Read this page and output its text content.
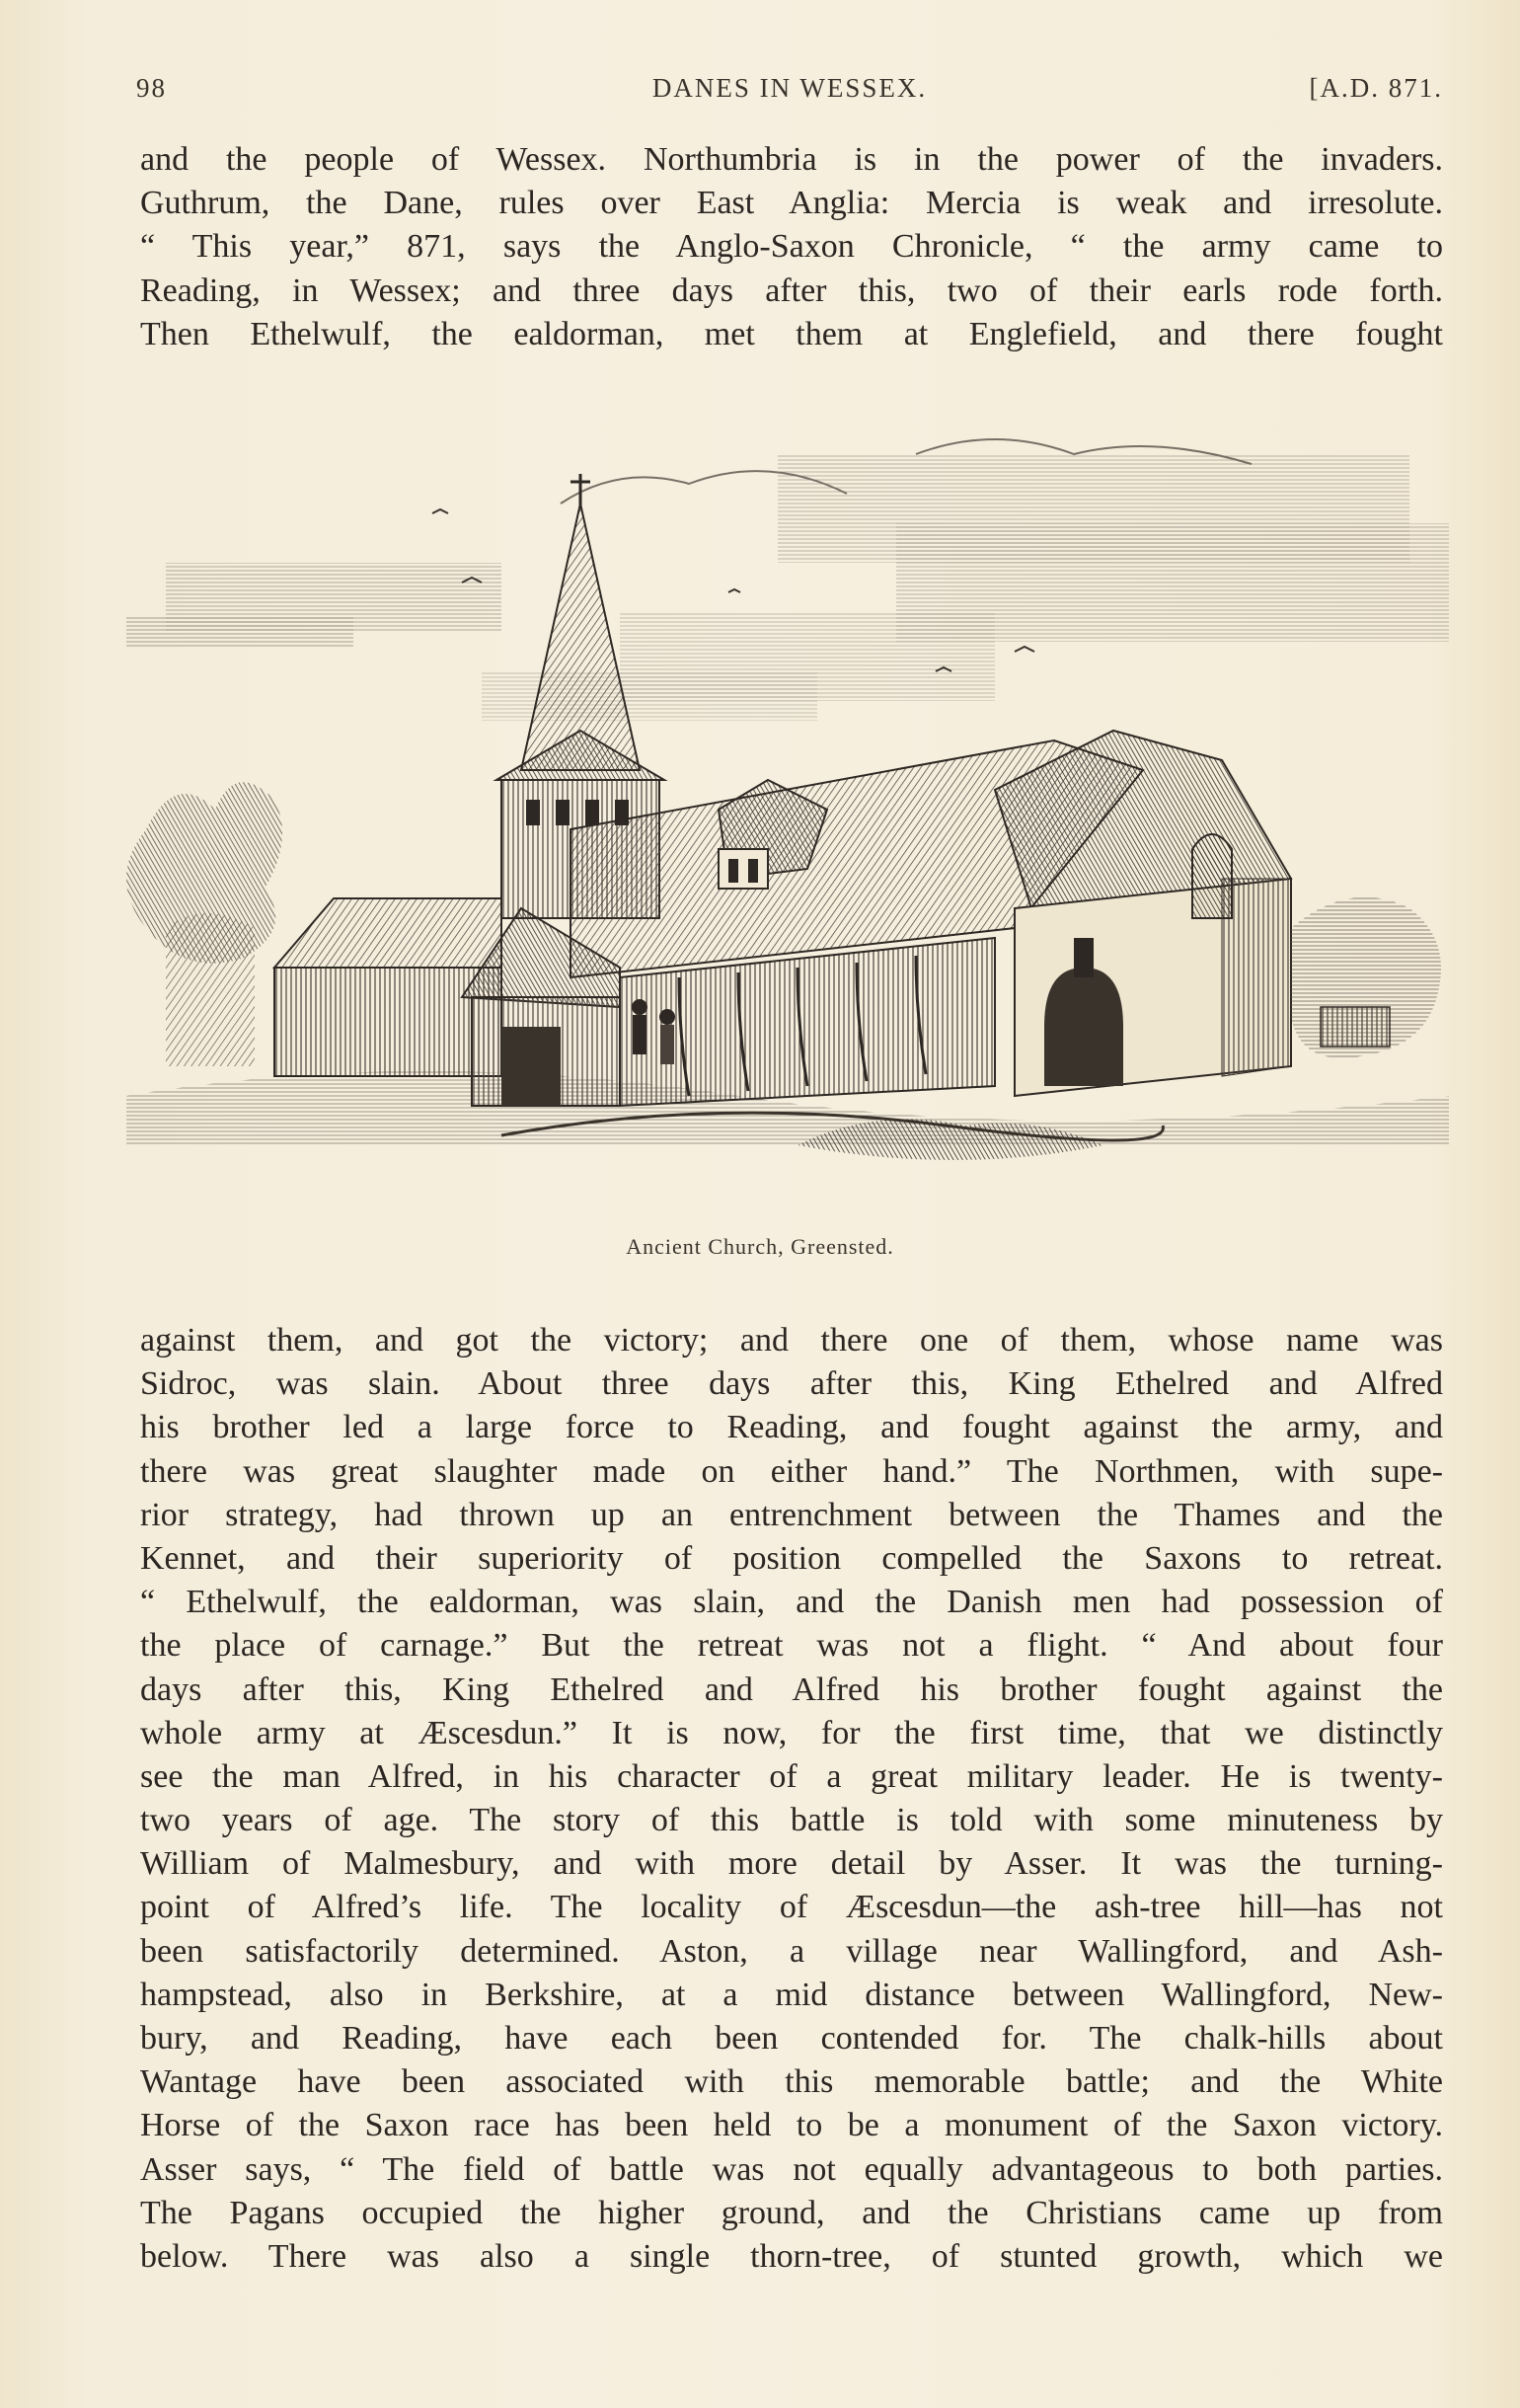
98	DANES IN WESSEX.	[A.D. 871.
and the people of Wessex. Northumbria is in the power of the invaders.
Guthrum, the Dane, rules over East Anglia: Mercia is weak and irresolute.
“ This year,” 871, says the Anglo-Saxon Chronicle, “ the army came to
Reading, in Wessex; and three days after this, two of their earls rode forth.
Then Ethelwulf, the ealdorman, met them at Englefield, and there fought
Ancient Church, Greensted.
against them, and got the victory; and there one of them, whose name was
Sidroc, was slain. About three days after this, King Ethelred and Alfred
his brother led a large force to Reading, and fought against the army, and
there was great slaughter made on either hand.” The Northmen, with supe-
rior strategy, had thrown up an entrenchment between the Thames and the
Kennet, and their superiority of position compelled the Saxons to retreat.
“ Ethelwulf, the ealdorman, was slain, and the Danish men had possession of
the place of carnage.” But the retreat was not a flight. “ And about four
days after this, King Ethelred and Alfred his brother fought against the
whole army at Æscesdun.” It is now, for the first time, that we distinctly
see the man Alfred, in his character of a great military leader. He is twenty-
two years of age. The story of this battle is told with some minuteness by
William of Malmesbury, and with more detail by Asser. It was the turning-
point of Alfred’s life. The locality of Æscesdun—the ash-tree hill—has not
been satisfactorily determined. Aston, a village near Wallingford, and Ash-
hampstead, also in Berkshire, at a mid distance between Wallingford, New-
bury, and Reading, have each been contended for. The chalk-hills about
Wantage have been associated with this memorable battle; and the White
Horse of the Saxon race has been held to be a monument of the Saxon victory.
Asser says, “ The field of battle was not equally advantageous to both parties.
The Pagans occupied the higher ground, and the Christians came up from
below. There was also a single thorn-tree, of stunted growth, which we
